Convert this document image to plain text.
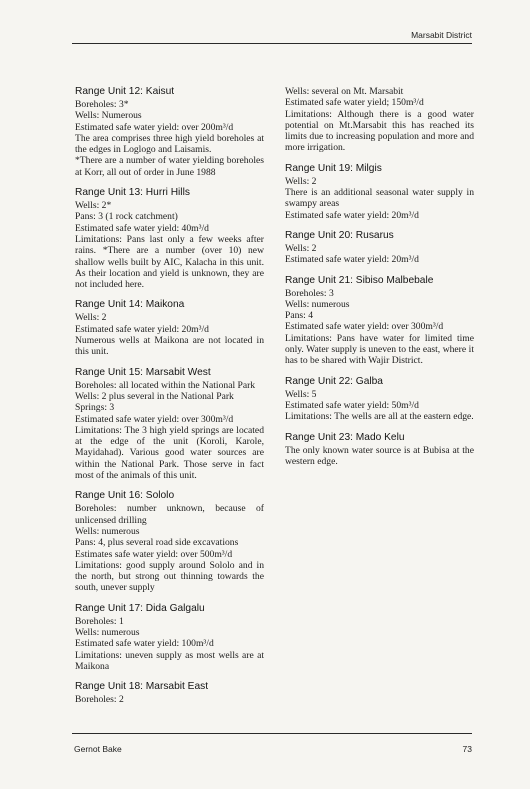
Marsabit District
Range Unit 12: Kaisut

Boreholes: 3*

Wells: Numerous

Estimated safe water yield: over 200m³/d

The area comprises three high yield boreholes at the edges in Loglogo and Laisamis.

*There are a number of water yielding boreholes at Korr, all out of order in June 1988

Range Unit 13: Hurri Hills

Wells: 2*

Pans: 3 (1 rock catchment)

Estimated safe water yield: 40m³/d

Limitations: Pans last only a few weeks after rains. *There are a number (over 10) new shallow wells built by AIC, Kalacha in this unit. As their location and yield is unknown, they are not included here.

Range Unit 14: Maikona

Wells: 2

Estimated safe water yield: 20m³/d

Numerous wells at Maikona are not located in this unit.

Range Unit 15: Marsabit West

Boreholes: all located within the National Park

Wells: 2 plus several in the National Park

Springs: 3

Estimated safe water yield: over 300m³/d

Limitations: The 3 high yield springs are located at the edge of the unit (Koroli, Karole, Mayidahad). Various good water sources are within the National Park. Those serve in fact most of the animals of this unit.

Range Unit 16: Sololo

Boreholes: number unknown, because of unlicensed drilling

Wells: numerous

Pans: 4, plus several road side excavations

Estimates safe water yield: over 500m³/d

Limitations: good supply around Sololo and in the north, but strong out thinning towards the south, unever supply

Range Unit 17: Dida Galgalu

Boreholes: 1

Wells: numerous

Estimated safe water yield: 100m³/d

Limitations: uneven supply as most wells are at Maikona

Range Unit 18: Marsabit East

Boreholes: 2

Wells: several on Mt. Marsabit

Estimated safe water yield; 150m³/d

Limitations: Although there is a good water potential on Mt.Marsabit this has reached its limits due to increasing population and more and more irrigation.

Range Unit 19: Milgis

Wells: 2

There is an additional seasonal water supply in swampy areas

Estimated safe water yield: 20m³/d

Range Unit 20: Rusarus

Wells: 2

Estimated safe water yield: 20m³/d

Range Unit 21: Sibiso Malbebale

Boreholes: 3

Wells: numerous

Pans: 4

Estimated safe water yield: over 300m³/d

Limitations: Pans have water for limited time only. Water supply is uneven to the east, where it has to be shared with Wajir District.

Range Unit 22: Galba

Wells: 5

Estimated safe water yield: 50m³/d

Limitations: The wells are all at the eastern edge.

Range Unit 23: Mado Kelu

The only known water source is at Bubisa at the western edge.

Gernot Bake	73
